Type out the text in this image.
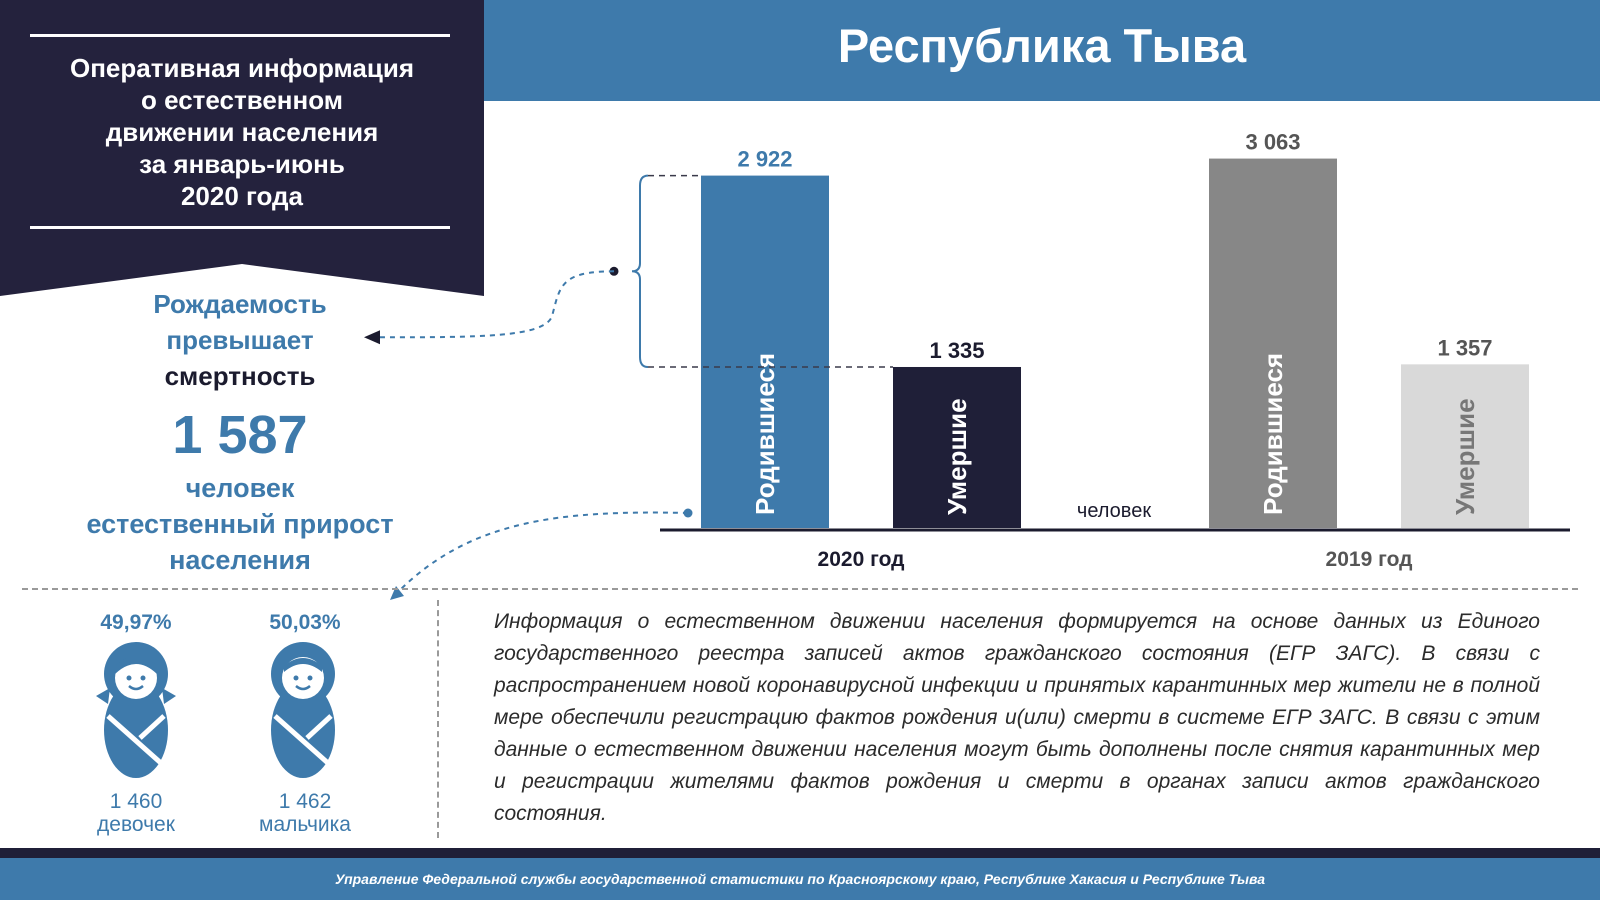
Республика Тыва
Оперативная информация
о естественном
движении населения
за январь-июнь
2020 года
2 922
Родившиеся
1 335
Умершие
2020 год
3 063
Родившиеся
1 357
Умершие
2019 год
человек
Рождаемость
превышает
смертность
1 587
человек
естественный прирост
населения
49,97%	50,03%
1 460
девочек
1 462
мальчика
Информация о естественном движении населения формируется на основе данных из Единого государственного реестра записей актов гражданского состояния (ЕГР ЗАГС). В связи с распространением новой коронавирусной инфекции и принятых карантинных мер жители не в полной мере обеспечили регистрацию фактов рождения и(или) смерти в системе ЕГР ЗАГС. В связи с этим данные о естественном движении населения могут быть дополнены после снятия карантинных мер и регистрации жителями фактов рождения и смерти в органах записи актов гражданского состояния.
Управление Федеральной службы государственной статистики по Красноярскому краю, Республике Хакасия и Республике Тыва
